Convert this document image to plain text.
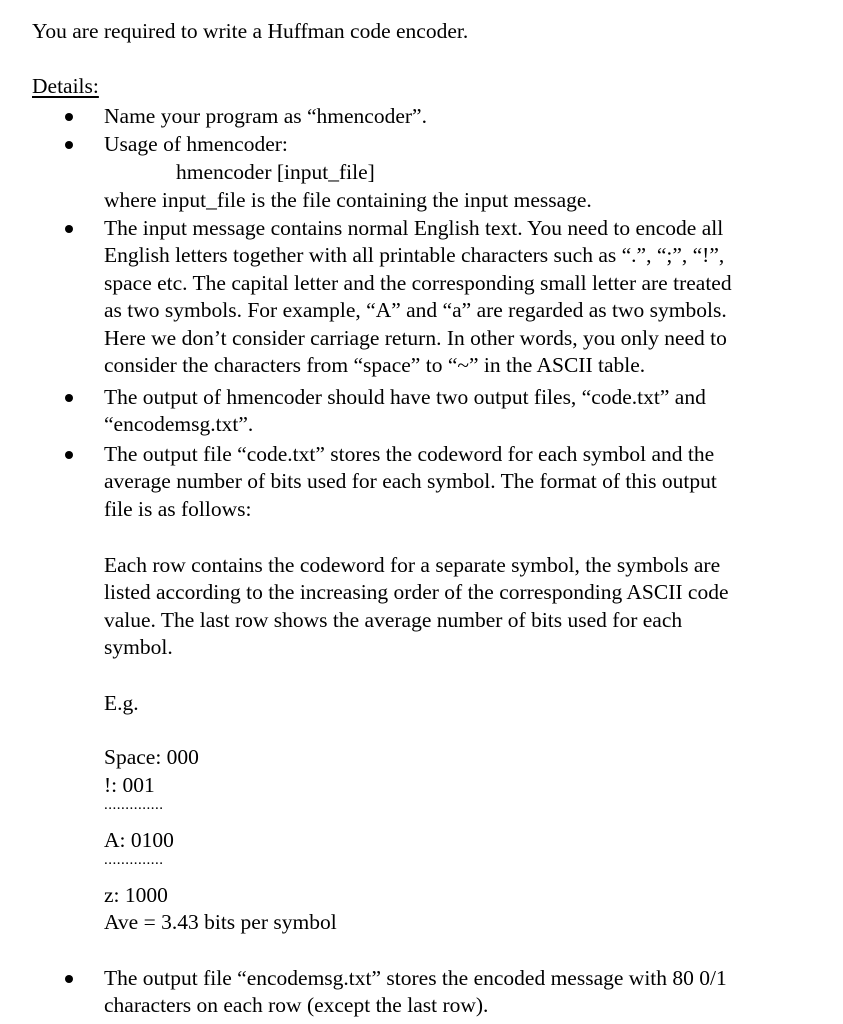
You are required to write a Huffman code encoder.
Details:
Name your program as “hmencoder”.
Usage of hmencoder:
hmencoder [input_file]
where input_file is the file containing the input message.
The input message contains normal English text. You need to encode all
English letters together with all printable characters such as “.”, “;”, “!”,
space etc. The capital letter and the corresponding small letter are treated
as two symbols. For example, “A” and “a” are regarded as two symbols.
Here we don’t consider carriage return. In other words, you only need to
consider the characters from “space” to “~” in the ASCII table.
The output of hmencoder should have two output files, “code.txt” and
“encodemsg.txt”.
The output file “code.txt” stores the codeword for each symbol and the
average number of bits used for each symbol. The format of this output
file is as follows:
Each row contains the codeword for a separate symbol, the symbols are
listed according to the increasing order of the corresponding ASCII code
value. The last row shows the average number of bits used for each
symbol.
E.g.
Space: 000
!: 001
..............
A: 0100
..............
z: 1000
Ave = 3.43 bits per symbol
The output file “encodemsg.txt” stores the encoded message with 80 0/1
characters on each row (except the last row).
